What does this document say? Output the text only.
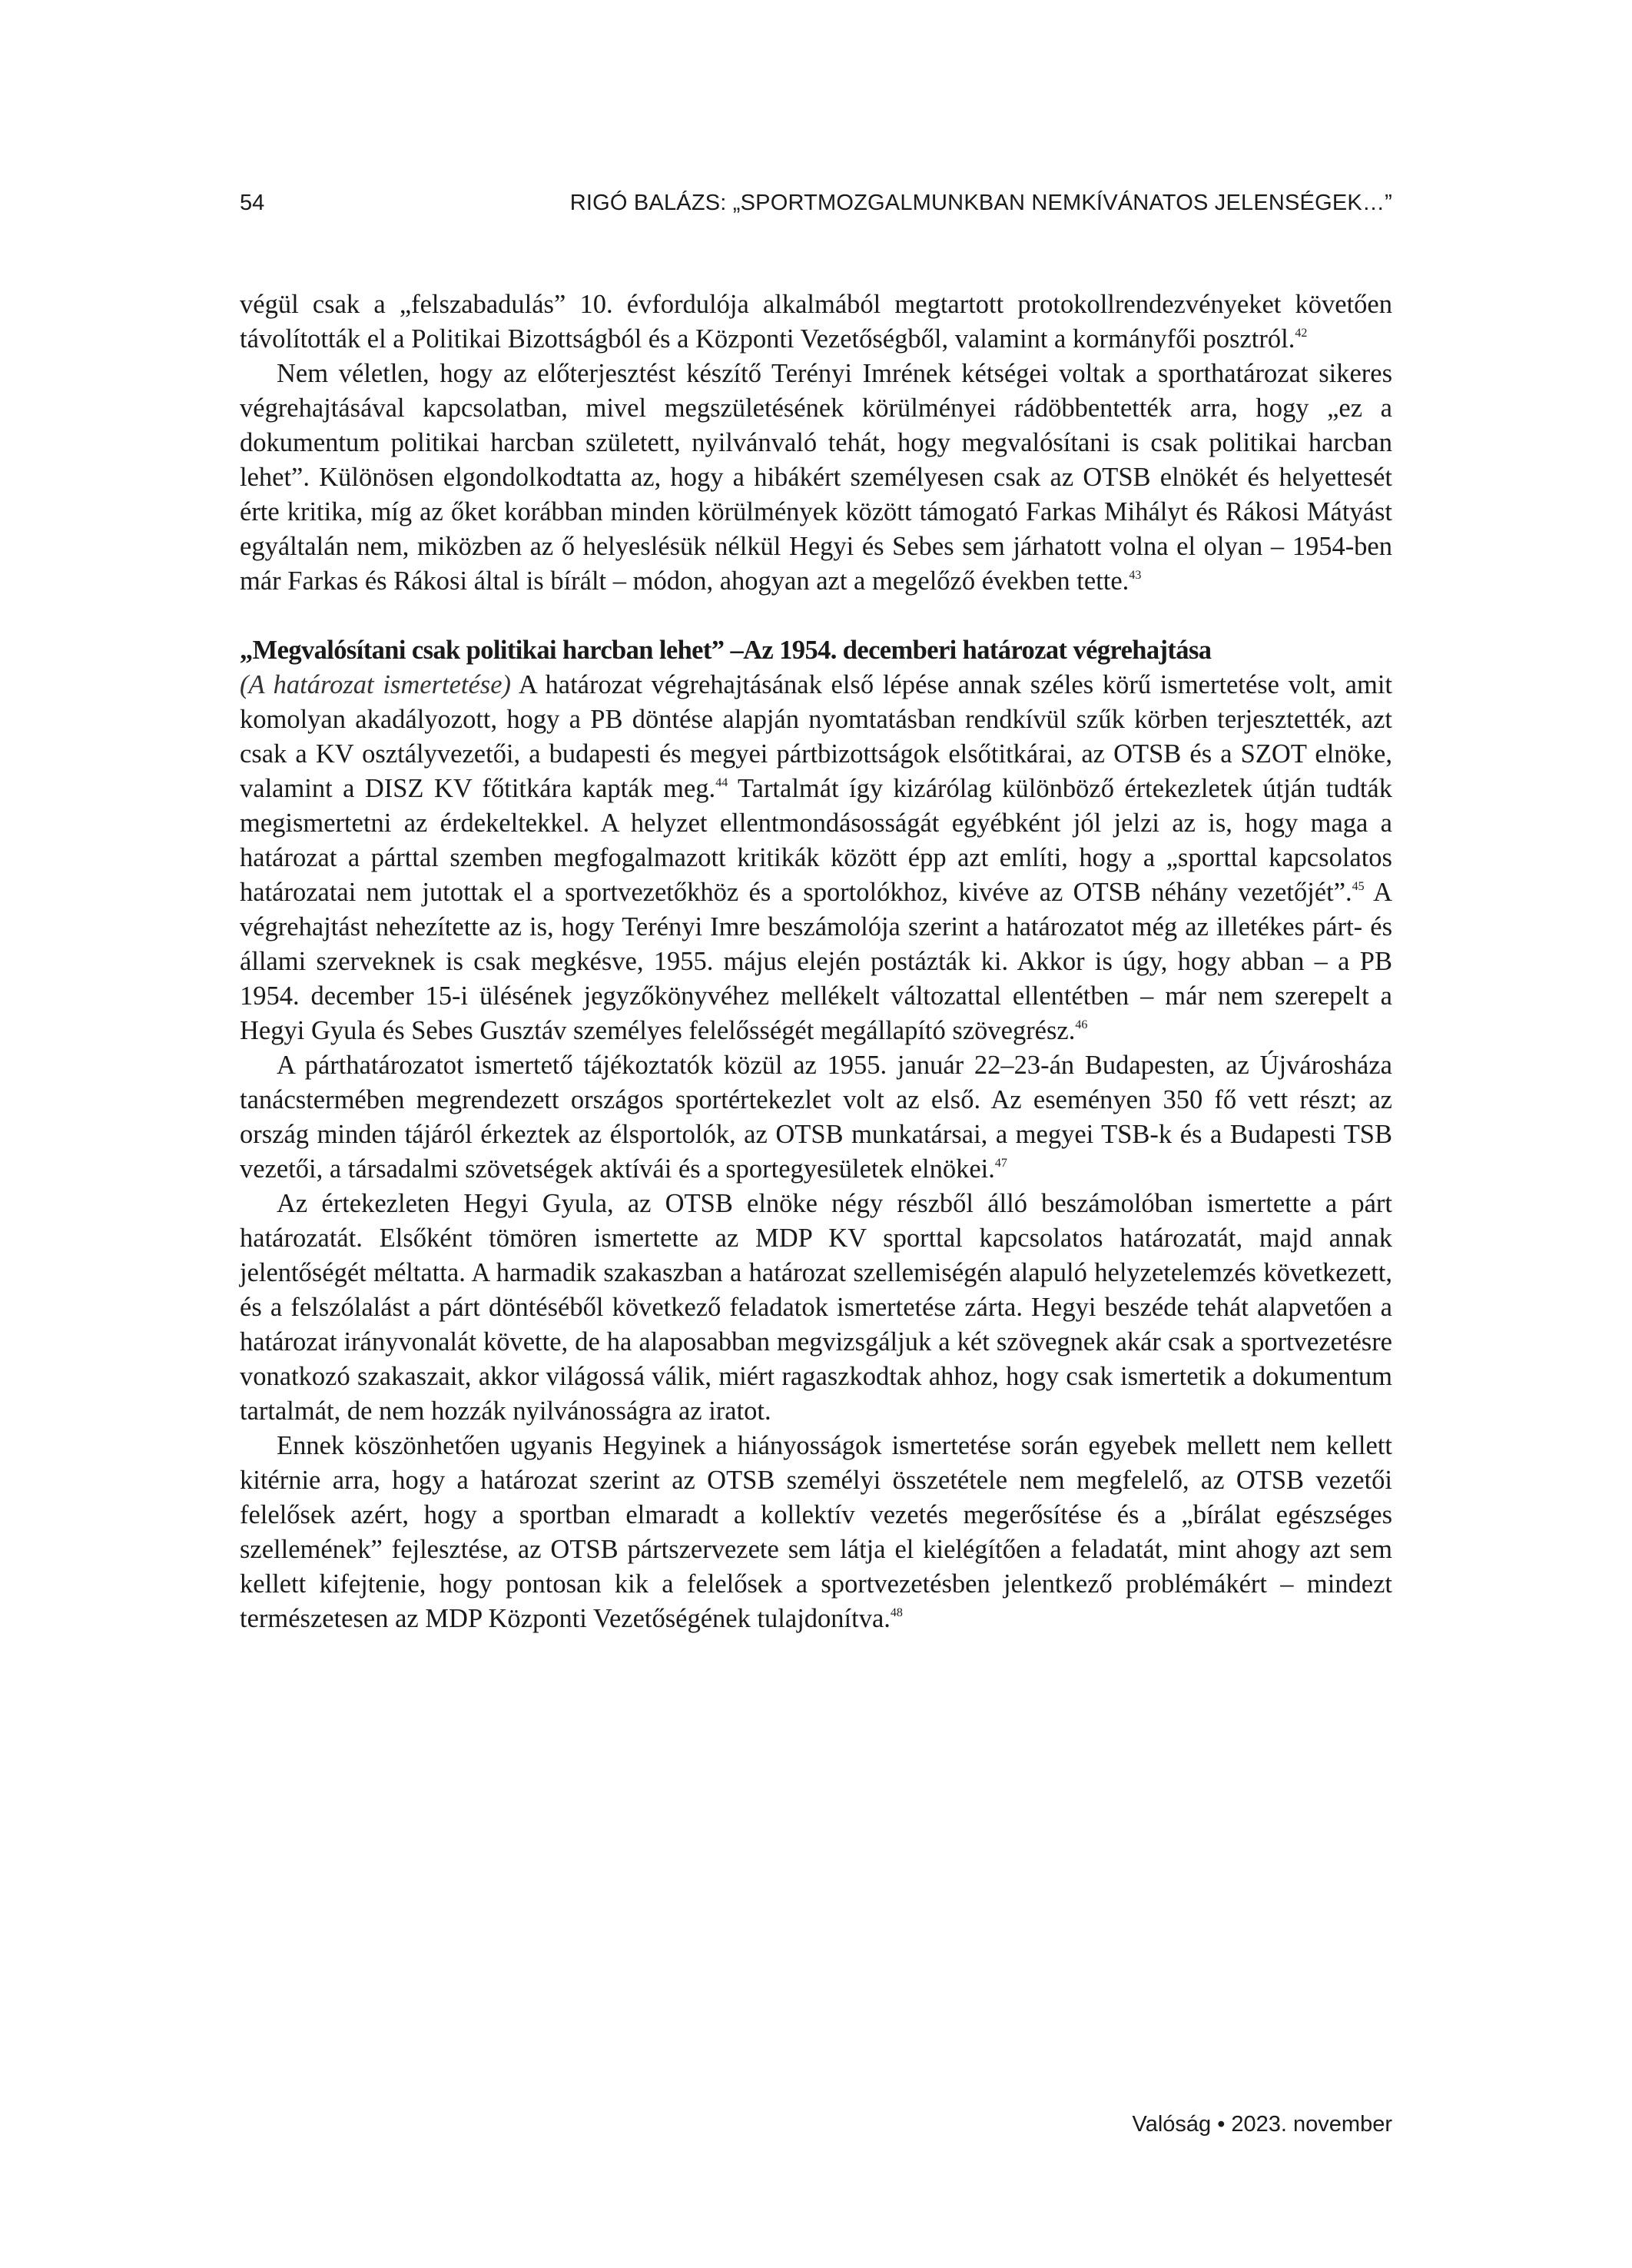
54	RIGÓ BALÁZS: „SPORTMOZGALMUNKBAN NEMKÍVÁNATOS JELENSÉGEK…”

végül csak a „felszabadulás” 10. évfordulója alkalmából megtartott protokollrendezvényeket követően távolították el a Politikai Bizottságból és a Központi Vezetőségből, valamint a kormányfői posztról.$^{42}$

Nem véletlen, hogy az előterjesztést készítő Terényi Imrének kétségei voltak a sporthatározat sikeres végrehajtásával kapcsolatban, mivel megszületésének körülményei rádöbbentették arra, hogy „ez a dokumentum politikai harcban született, nyilvánvaló tehát, hogy megvalósítani is csak politikai harcban lehet”. Különösen elgondolkodtatta az, hogy a hibákért személyesen csak az OTSB elnökét és helyettesét érte kritika, míg az őket korábban minden körülmények között támogató Farkas Mihályt és Rákosi Mátyást egyáltalán nem, miközben az ő helyeslésük nélkül Hegyi és Sebes sem járhatott volna el olyan – 1954-ben már Farkas és Rákosi által is bírált – módon, ahogyan azt a megelőző években tette.$^{43}$

„Megvalósítani csak politikai harcban lehet” –Az 1954. decemberi határozat végrehajtása

(A határozat ismertetése) A határozat végrehajtásának első lépése annak széles körű ismertetése volt, amit komolyan akadályozott, hogy a PB döntése alapján nyomtatásban rendkívül szűk körben terjesztették, azt csak a KV osztályvezetői, a budapesti és megyei pártbizottságok elsőtitkárai, az OTSB és a SZOT elnöke, valamint a DISZ KV főtitkára kapták meg.$^{44}$ Tartalmát így kizárólag különböző értekezletek útján tudták megismertetni az érdekeltekkel. A helyzet ellentmondásosságát egyébként jól jelzi az is, hogy maga a határozat a párttal szemben megfogalmazott kritikák között épp azt említi, hogy a „sporttal kapcsolatos határozatai nem jutottak el a sportvezetőkhöz és a sportolókhoz, kivéve az OTSB néhány vezetőjét”.$^{45}$ A végrehajtást nehezítette az is, hogy Terényi Imre beszámolója szerint a határozatot még az illetékes párt- és állami szerveknek is csak megkésve, 1955. május elején postázták ki. Akkor is úgy, hogy abban – a PB 1954. december 15-i ülésének jegyzőkönyvéhez mellékelt változattal ellentétben – már nem szerepelt a Hegyi Gyula és Sebes Gusztáv személyes felelősségét megállapító szövegrész.$^{46}$

A párthatározatot ismertető tájékoztatók közül az 1955. január 22–23-án Budapesten, az Újvárosháza tanácstermében megrendezett országos sportértekezlet volt az első. Az eseményen 350 fő vett részt; az ország minden tájáról érkeztek az élsportolók, az OTSB munkatársai, a megyei TSB-k és a Budapesti TSB vezetői, a társadalmi szövetségek aktívái és a sportegyesületek elnökei.$^{47}$

Az értekezleten Hegyi Gyula, az OTSB elnöke négy részből álló beszámolóban ismertette a párt határozatát. Elsőként tömören ismertette az MDP KV sporttal kapcsolatos határozatát, majd annak jelentőségét méltatta. A harmadik szakaszban a határozat szellemiségén alapuló helyzetelemzés következett, és a felszólalást a párt döntéséből következő feladatok ismertetése zárta. Hegyi beszéde tehát alapvetően a határozat irányvonalát követte, de ha alaposabban megvizsgáljuk a két szövegnek akár csak a sportvezetésre vonatkozó szakaszait, akkor világossá válik, miért ragaszkodtak ahhoz, hogy csak ismertetik a dokumentum tartalmát, de nem hozzák nyilvánosságra az iratot.

Ennek köszönhetően ugyanis Hegyinek a hiányosságok ismertetése során egyebek mellett nem kellett kitérnie arra, hogy a határozat szerint az OTSB személyi összetétele nem megfelelő, az OTSB vezetői felelősek azért, hogy a sportban elmaradt a kollektív vezetés megerősítése és a „bírálat egészséges szellemének” fejlesztése, az OTSB pártszervezete sem látja el kielégítően a feladatát, mint ahogy azt sem kellett kifejtenie, hogy pontosan kik a felelősek a sportvezetésben jelentkező problémákért – mindezt természetesen az MDP Központi Vezetőségének tulajdonítva.$^{48}$

Valóság • 2023. november
